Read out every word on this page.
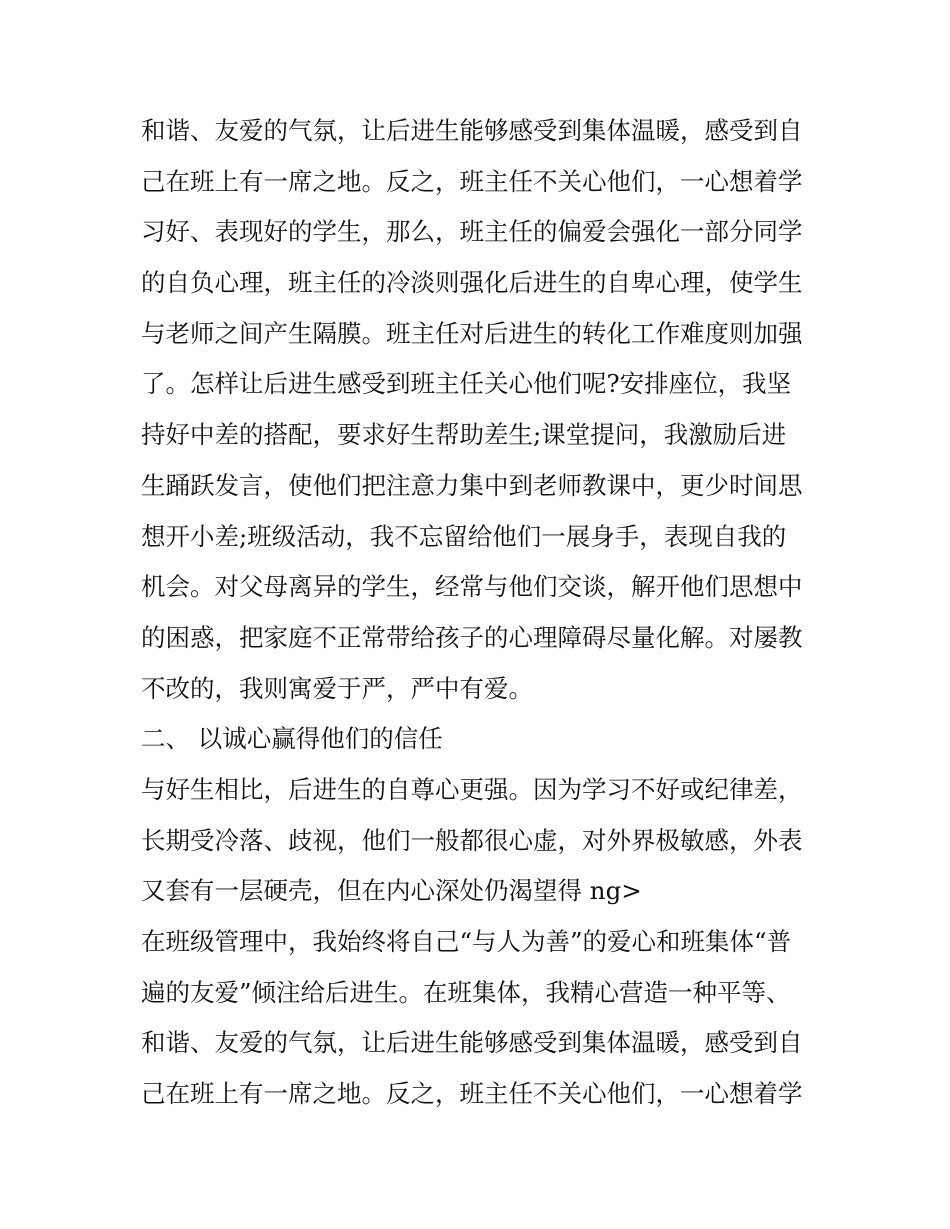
和谐、友爱的气氛，让后进生能够感受到集体温暖，感受到自
己在班上有一席之地。反之，班主任不关心他们，一心想着学
习好、表现好的学生，那么，班主任的偏爱会强化一部分同学
的自负心理，班主任的冷淡则强化后进生的自卑心理，使学生
与老师之间产生隔膜。班主任对后进生的转化工作难度则加强
了。怎样让后进生感受到班主任关心他们呢?安排座位，我坚
持好中差的搭配，要求好生帮助差生;课堂提问，我激励后进
生踊跃发言，使他们把注意力集中到老师教课中，更少时间思
想开小差;班级活动，我不忘留给他们一展身手，表现自我的
机会。对父母离异的学生，经常与他们交谈，解开他们思想中
的困惑，把家庭不正常带给孩子的心理障碍尽量化解。对屡教
不改的，我则寓爱于严，严中有爱。
二、 以诚心赢得他们的信任
与好生相比，后进生的自尊心更强。因为学习不好或纪律差，
长期受冷落、歧视，他们一般都很心虚，对外界极敏感，外表
又套有一层硬壳，但在内心深处仍渴望得 ng>
在班级管理中，我始终将自己“与人为善”的爱心和班集体“普
遍的友爱”倾注给后进生。在班集体，我精心营造一种平等、
和谐、友爱的气氛，让后进生能够感受到集体温暖，感受到自
己在班上有一席之地。反之，班主任不关心他们，一心想着学
